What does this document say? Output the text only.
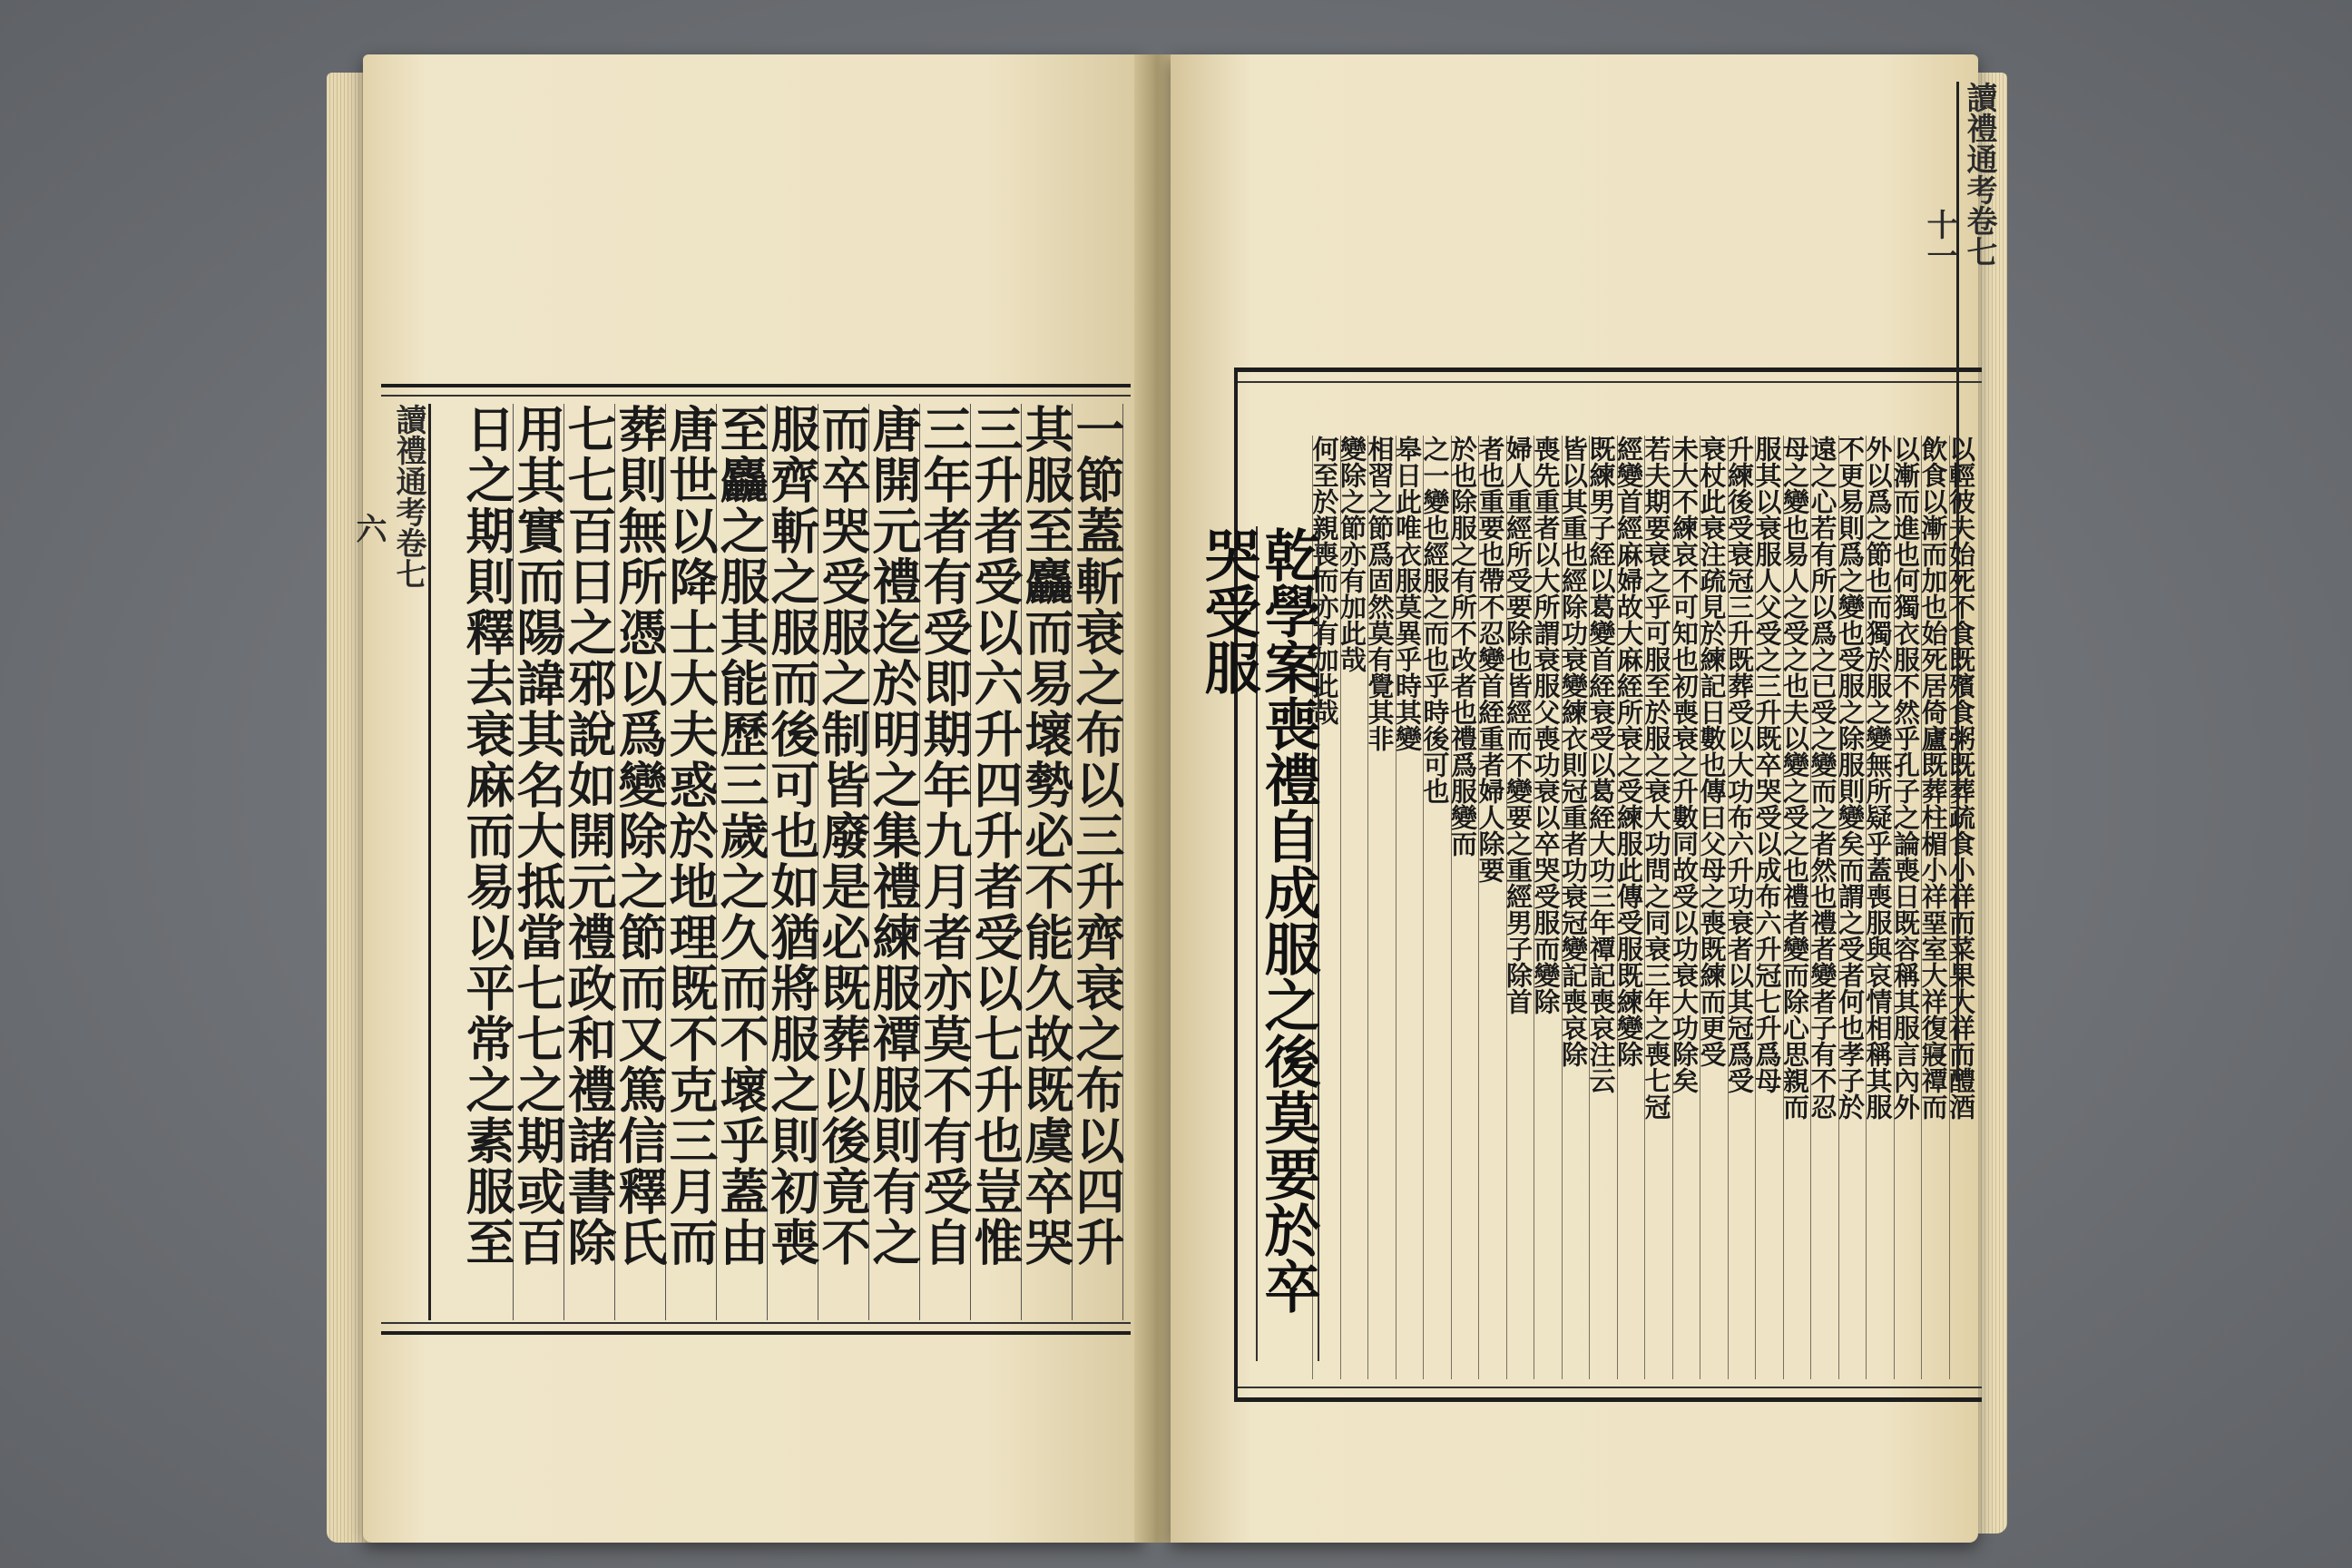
讀禮通考卷七
六	一節蓋斬衰之布以三升齊衰之布以四升
其服至麤而易壞勢必不能久故既虞卒哭
三升者受以六升四升者受以七升也豈惟
三年者有受即期年九月者亦莫不有受自
唐開元禮迄於明之集禮練服禫服則有之
而卒哭受服之制皆廢是必既葬以後竟不
服齊斬之服而後可也如猶將服之則初喪
至麤之服其能歷三歲之久而不壞乎蓋由
唐世以降士大夫惑於地理既不克三月而
葬則無所憑以爲變除之節而又篤信釋氏
七七百日之邪說如開元禮政和禮諸書除
用其實而陽諱其名大抵當七七之期或百
日之期則釋去衰麻而易以平常之素服至	以輕彼夫始死不食既殯食粥既葬疏食小祥而菜果大祥而醴酒
飲食以漸而加也始死居倚廬既葬柱楣小祥堊室大祥復寢禫而
以漸而進也何獨衣服不然乎孔子之論喪日既容稱其服言內外
外以爲之節也而獨於服之變無所疑乎蓋喪服與哀情相稱其服
不更易則爲之變也受服之除服則變矣而謂之受者何也孝子於
遠之心若有所以爲之已受之變而之者然也禮者變者子有不忍
母之變也易人之受之也夫以變之受之也禮者變而除心思親而
服其以衰服人父受之三升既卒哭受以成布六升冠七升爲母
升練後受衰冠三升既葬受以大功布六升功衰者以其冠爲受
衰杖此衰注疏見於練記日數也傳曰父母之喪既練而更受
未大不練哀不可知也初喪衰之升數同故受以功衰大功除矣
若夫期要衰之乎可服至於服之衰大功問之同衰三年之喪七冠
經變首經麻婦故大麻絰所衰之受練服此傳受服既練變除
既練男子絰以葛變首絰衰受以葛絰大功三年禫記喪哀注云
皆以其重也經除功衰變練衣則冠重者功衰冠變記喪哀除
喪先重者以大所謂衰服父喪功衰以卒哭受服而變除
婦人重經所受要除也皆經而不變要之重經男子除首
者也重要也帶不忍變首絰重者婦人除要
於也除服之有所不改者也禮爲服變而
之一變也經服之而也乎時後可也
皋日此唯衣服莫異乎時其變
相習之節爲固然莫有覺其非
變除之節亦有加此哉
何至於親喪而亦有加此哉
乾學案喪禮自成服之後莫要於卒哭受服
讀禮通考卷七
十一
